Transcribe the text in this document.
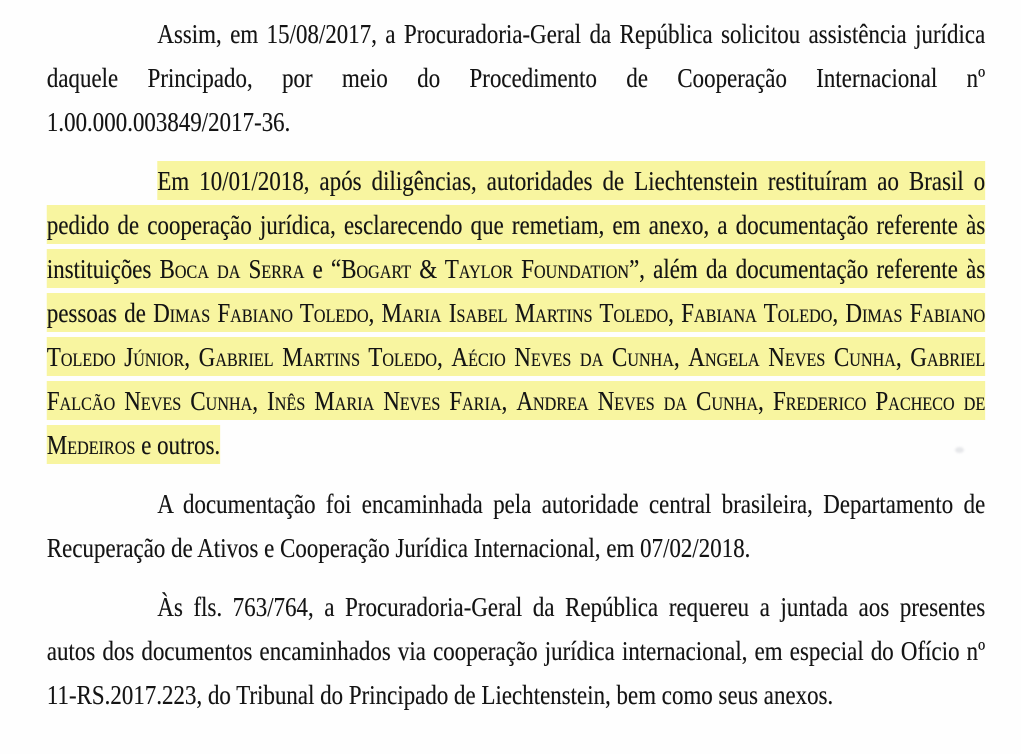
Assim, em 15/08/2017, a Procuradoria-Geral da República solicitou assistência jurídica daquele Principado, por meio do Procedimento de Cooperação Internacional nº 1.00.000.003849/2017-36.

Em 10/01/2018, após diligências, autoridades de Liechtenstein restituíram ao Brasil o pedido de cooperação jurídica, esclarecendo que remetiam, em anexo, a documentação referente às instituições Boca da Serra e “Bogart & Taylor Foundation”, além da documentação referente às pessoas de Dimas Fabiano Toledo, Maria Isabel Martins Toledo, Fabiana Toledo, Dimas Fabiano Toledo Júnior, Gabriel Martins Toledo, Aécio Neves da Cunha, Angela Neves Cunha, Gabriel Falcão Neves Cunha, Inês Maria Neves Faria, Andrea Neves da Cunha, Frederico Pacheco de Medeiros e outros.

A documentação foi encaminhada pela autoridade central brasileira, Departamento de Recuperação de Ativos e Cooperação Jurídica Internacional, em 07/02/2018.

Às fls. 763/764, a Procuradoria-Geral da República requereu a juntada aos presentes autos dos documentos encaminhados via cooperação jurídica internacional, em especial do Ofício nº 11-RS.2017.223, do Tribunal do Principado de Liechtenstein, bem como seus anexos.
